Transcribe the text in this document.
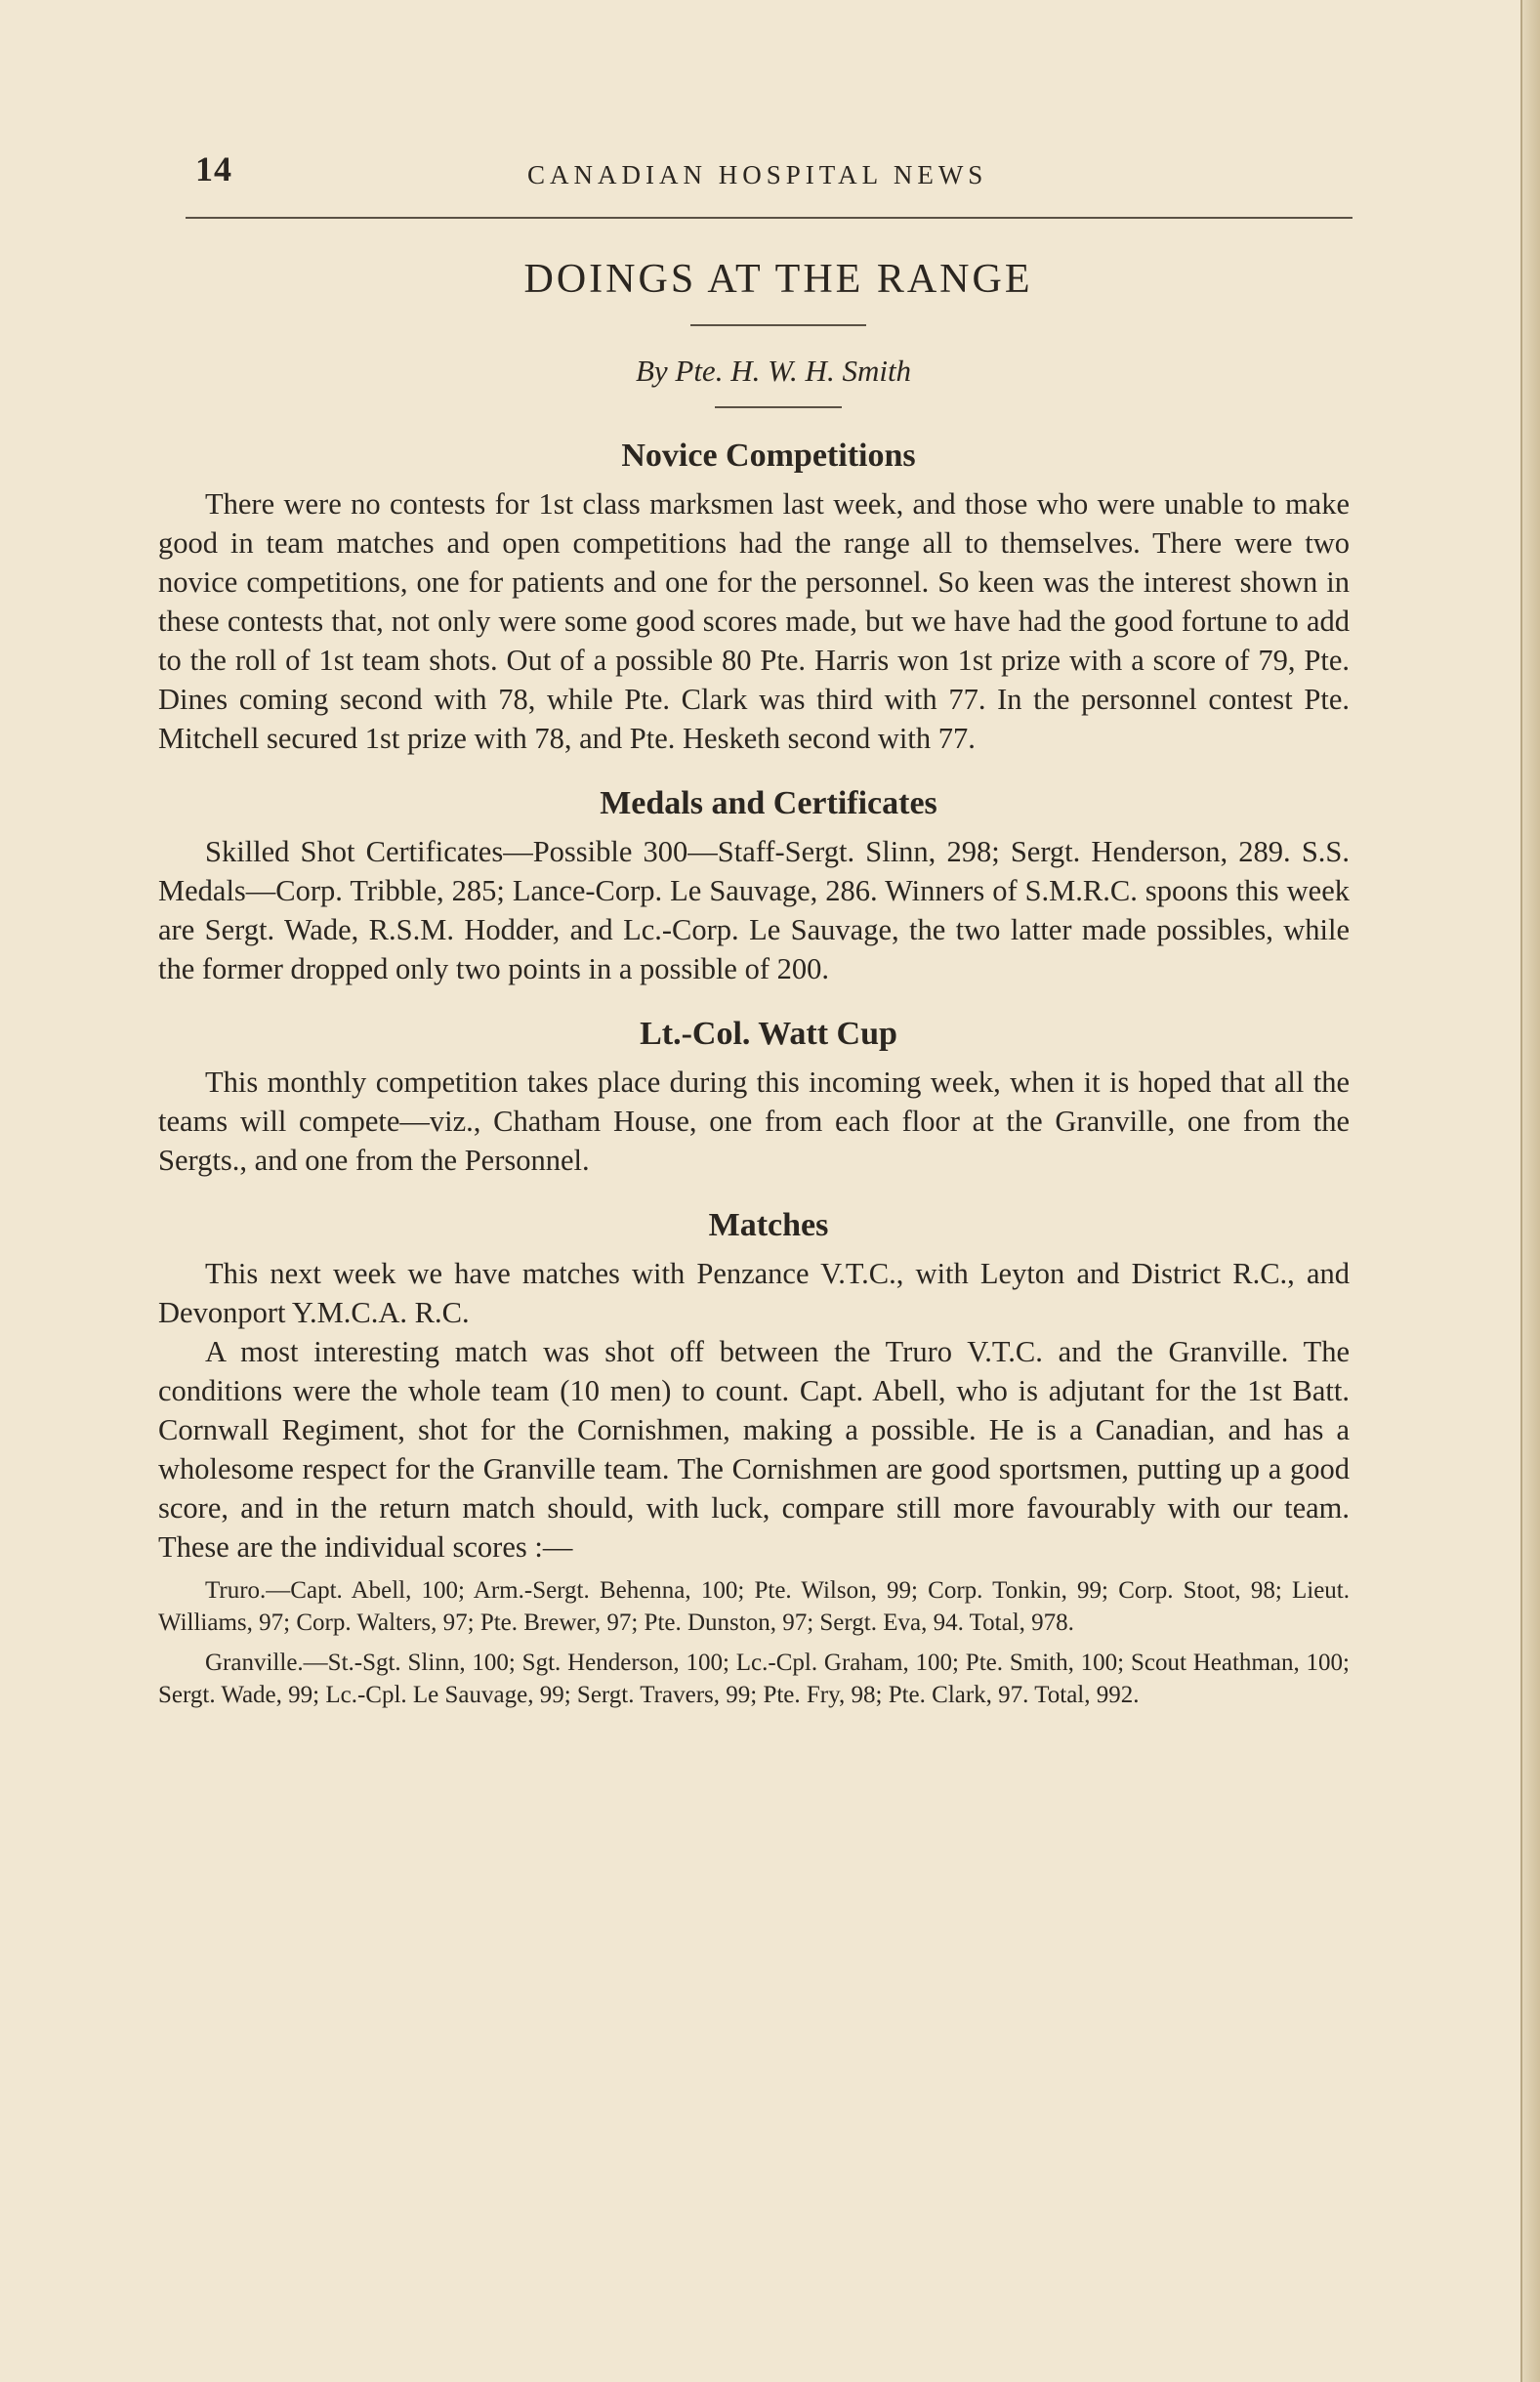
14	CANADIAN HOSPITAL NEWS
DOINGS AT THE RANGE
By Pte. H. W. H. Smith
Novice Competitions

There were no contests for 1st class marksmen last week, and those who were unable to make good in team matches and open competitions had the range all to themselves. There were two novice competitions, one for patients and one for the personnel. So keen was the interest shown in these contests that, not only were some good scores made, but we have had the good fortune to add to the roll of 1st team shots. Out of a possible 80 Pte. Harris won 1st prize with a score of 79, Pte. Dines coming second with 78, while Pte. Clark was third with 77. In the personnel contest Pte. Mitchell secured 1st prize with 78, and Pte. Hesketh second with 77.

Medals and Certificates

Skilled Shot Certificates—Possible 300—Staff-Sergt. Slinn, 298; Sergt. Henderson, 289. S.S. Medals—Corp. Tribble, 285; Lance-Corp. Le Sauvage, 286. Winners of S.M.R.C. spoons this week are Sergt. Wade, R.S.M. Hodder, and Lc.-Corp. Le Sauvage, the two latter made possibles, while the former dropped only two points in a possible of 200.

Lt.-Col. Watt Cup

This monthly competition takes place during this incoming week, when it is hoped that all the teams will compete—viz., Chatham House, one from each floor at the Granville, one from the Sergts., and one from the Personnel.

Matches

This next week we have matches with Penzance V.T.C., with Leyton and District R.C., and Devonport Y.M.C.A. R.C.

A most interesting match was shot off between the Truro V.T.C. and the Granville. The conditions were the whole team (10 men) to count. Capt. Abell, who is adjutant for the 1st Batt. Cornwall Regiment, shot for the Cornishmen, making a possible. He is a Canadian, and has a wholesome respect for the Granville team. The Cornishmen are good sportsmen, putting up a good score, and in the return match should, with luck, compare still more favourably with our team. These are the individual scores :—

Truro.—Capt. Abell, 100; Arm.-Sergt. Behenna, 100; Pte. Wilson, 99; Corp. Tonkin, 99; Corp. Stoot, 98; Lieut. Williams, 97; Corp. Walters, 97; Pte. Brewer, 97; Pte. Dunston, 97; Sergt. Eva, 94. Total, 978.

Granville.—St.-Sgt. Slinn, 100; Sgt. Henderson, 100; Lc.-Cpl. Graham, 100; Pte. Smith, 100; Scout Heathman, 100; Sergt. Wade, 99; Lc.-Cpl. Le Sauvage, 99; Sergt. Travers, 99; Pte. Fry, 98; Pte. Clark, 97. Total, 992.
